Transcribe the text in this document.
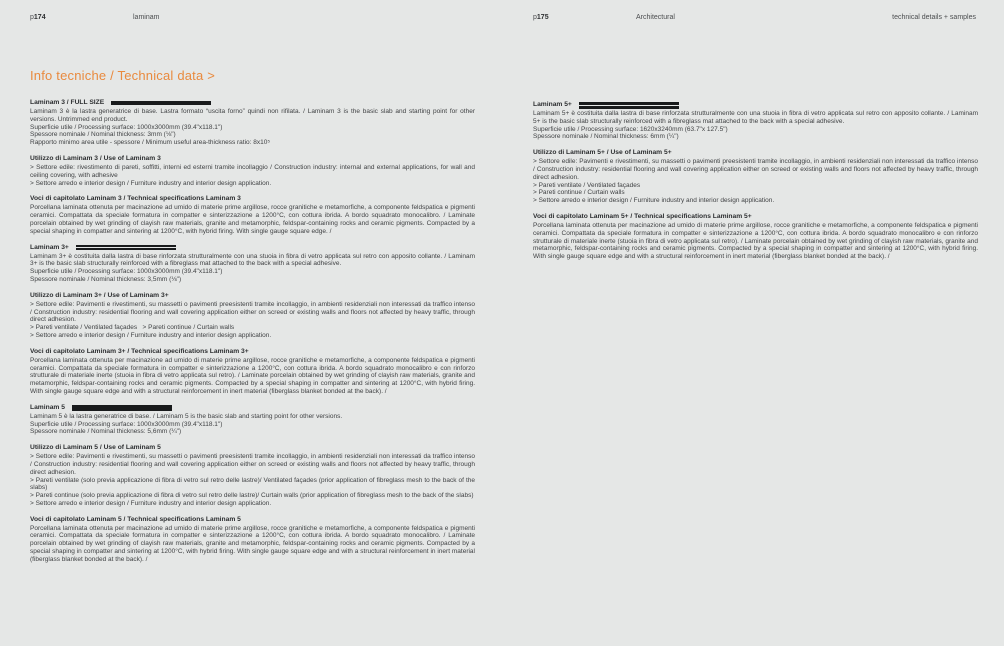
p174	laminam	p175	Architectural	technical details + samples
Info tecniche / Technical data >
Laminam 3 / FULL SIZE
Laminam 3 è la lastra generatrice di base. Lastra formato “uscita forno” quindi non rifilata. / Laminam 3 is the basic slab and starting point for other versions. Untrimmed end product.
Superficie utile / Processing surface: 1000x3000mm (39.4"x118.1")
Spessore nominale / Nominal thickness: 3mm (⅛")
Rapporto minimo area utile - spessore / Minimum useful area-thickness ratio: 8x10⁵
Utilizzo di Laminam 3 / Use of Laminam 3
> Settore edile: rivestimento di pareti, soffitti, interni ed esterni tramite incollaggio / Construction industry: internal and external applications, for wall and ceiling covering, with adhesive
> Settore arredo e interior design / Furniture industry and interior design application.
Voci di capitolato Laminam 3 / Technical specifications Laminam 3
Porcellana laminata ottenuta per macinazione ad umido di materie prime argillose, rocce granitiche e metamorfiche, a componente feldspatica e pigmenti ceramici. Compattata da speciale formatura in compatter e sinterizzazione a 1200°C, con cottura ibrida. A bordo squadrato monocalibro. / Laminate porcelain obtained by wet grinding of clayish raw materials, granite and metamorphic, feldspar-containing rocks and ceramic pigments. Compacted by a special shaping in compatter and sintering at 1200°C, with hybrid firing. With single gauge square edge. /
Laminam 3+
Laminam 3+ è costituita dalla lastra di base rinforzata strutturalmente con una stuoia in fibra di vetro applicata sul retro con apposito collante. / Laminam 3+ is the basic slab structurally reinforced with a fibreglass mat attached to the back with a special adhesive.
Superficie utile / Processing surface: 1000x3000mm (39.4"x118.1")
Spessore nominale / Nominal thickness: 3,5mm (⅛")
Utilizzo di Laminam 3+ / Use of Laminam 3+
> Settore edile: Pavimenti e rivestimenti, su massetti o pavimenti preesistenti tramite incollaggio, in ambienti residenziali non interessati da traffico intenso / Construction industry: residential flooring and wall covering application either on screed or existing walls and floors not affected by heavy traffic, through direct adhesion.
> Pareti ventilate / Ventilated façades   > Pareti continue / Curtain walls
> Settore arredo e interior design / Furniture industry and interior design application.
Voci di capitolato Laminam 3+ / Technical specifications Laminam 3+
Porcellana laminata ottenuta per macinazione ad umido di materie prime argillose, rocce granitiche e metamorfiche, a componente feldspatica e pigmenti ceramici. Compattata da speciale formatura in compatter e sinterizzazione a 1200°C, con cottura ibrida. A bordo squadrato monocalibro e con rinforzo strutturale di materiale inerte (stuoia in fibra di vetro applicata sul retro). / Laminate porcelain obtained by wet grinding of clayish raw materials, granite and metamorphic, feldspar-containing rocks and ceramic pigments. Compacted by a special shaping in compatter and sintering at 1200°C, with hybrid firing. With single gauge square edge and with a structural reinforcement in inert material (fiberglass blanket bonded at the back). /
Laminam 5
Laminam 5 è la lastra generatrice di base. / Laminam 5 is the basic slab and starting point for other versions.
Superficie utile / Processing surface: 1000x3000mm (39.4"x118.1")
Spessore nominale / Nominal thickness: 5,6mm (¼")
Utilizzo di Laminam 5 / Use of Laminam 5
> Settore edile: Pavimenti e rivestimenti, su massetti o pavimenti preesistenti tramite incollaggio, in ambienti residenziali non interessati da traffico intenso / Construction industry: residential flooring and wall covering application either on screed or existing walls and floors not affected by heavy traffic, through direct adhesion.
> Pareti ventilate (solo previa applicazione di fibra di vetro sul retro delle lastre)/ Ventilated façades (prior application of fibreglass mesh to the back of the slabs)
> Pareti continue (solo previa applicazione di fibra di vetro sul retro delle lastre)/ Curtain walls (prior application of fibreglass mesh to the back of the slabs)
> Settore arredo e interior design / Furniture industry and interior design application.
Voci di capitolato Laminam 5 / Technical specifications Laminam 5
Porcellana laminata ottenuta per macinazione ad umido di materie prime argillose, rocce granitiche e metamorfiche, a componente feldspatica e pigmenti ceramici. Compattata da speciale formatura in compatter e sinterizzazione a 1200°C, con cottura ibrida. A bordo squadrato monocalibro. / Laminate porcelain obtained by wet grinding of clayish raw materials, granite and metamorphic, feldspar-containing rocks and ceramic pigments. Compacted by a special shaping in compatter and sintering at 1200°C, with hybrid firing. With single gauge square edge and with a structural reinforcement in inert material (fiberglass blanket bonded at the back). /
Laminam 5+
Laminam 5+ è costituita dalla lastra di base rinforzata strutturalmente con una stuoia in fibra di vetro applicata sul retro con apposito collante. / Laminam 5+ is the basic slab structurally reinforced with a fibreglass mat attached to the back with a special adhesive.
Superficie utile / Processing surface: 1620x3240mm (63.7"x 127.5")
Spessore nominale / Nominal thickness: 6mm (¼")
Utilizzo di Laminam 5+ / Use of Laminam 5+
> Settore edile: Pavimenti e rivestimenti, su massetti o pavimenti preesistenti tramite incollaggio, in ambienti residenziali non interessati da traffico intenso / Construction industry: residential flooring and wall covering application either on screed or existing walls and floors not affected by heavy traffic, through direct adhesion.
> Pareti ventilate / Ventilated façades
> Pareti continue / Curtain walls
> Settore arredo e interior design / Furniture industry and interior design application.
Voci di capitolato Laminam 5+ / Technical specifications Laminam 5+
Porcellana laminata ottenuta per macinazione ad umido di materie prime argillose, rocce granitiche e metamorfiche, a componente feldspatica e pigmenti ceramici. Compattata da speciale formatura in compatter e sinterizzazione a 1200°C, con cottura ibrida. A bordo squadrato monocalibro e con rinforzo strutturale di materiale inerte (stuoia in fibra di vetro applicata sul retro). / Laminate porcelain obtained by wet grinding of clayish raw materials, granite and metamorphic, feldspar-containing rocks and ceramic pigments. Compacted by a special shaping in compatter and sintering at 1200°C, with hybrid firing. With single gauge square edge and with a structural reinforcement in inert material (fiberglass blanket bonded at the back). /
